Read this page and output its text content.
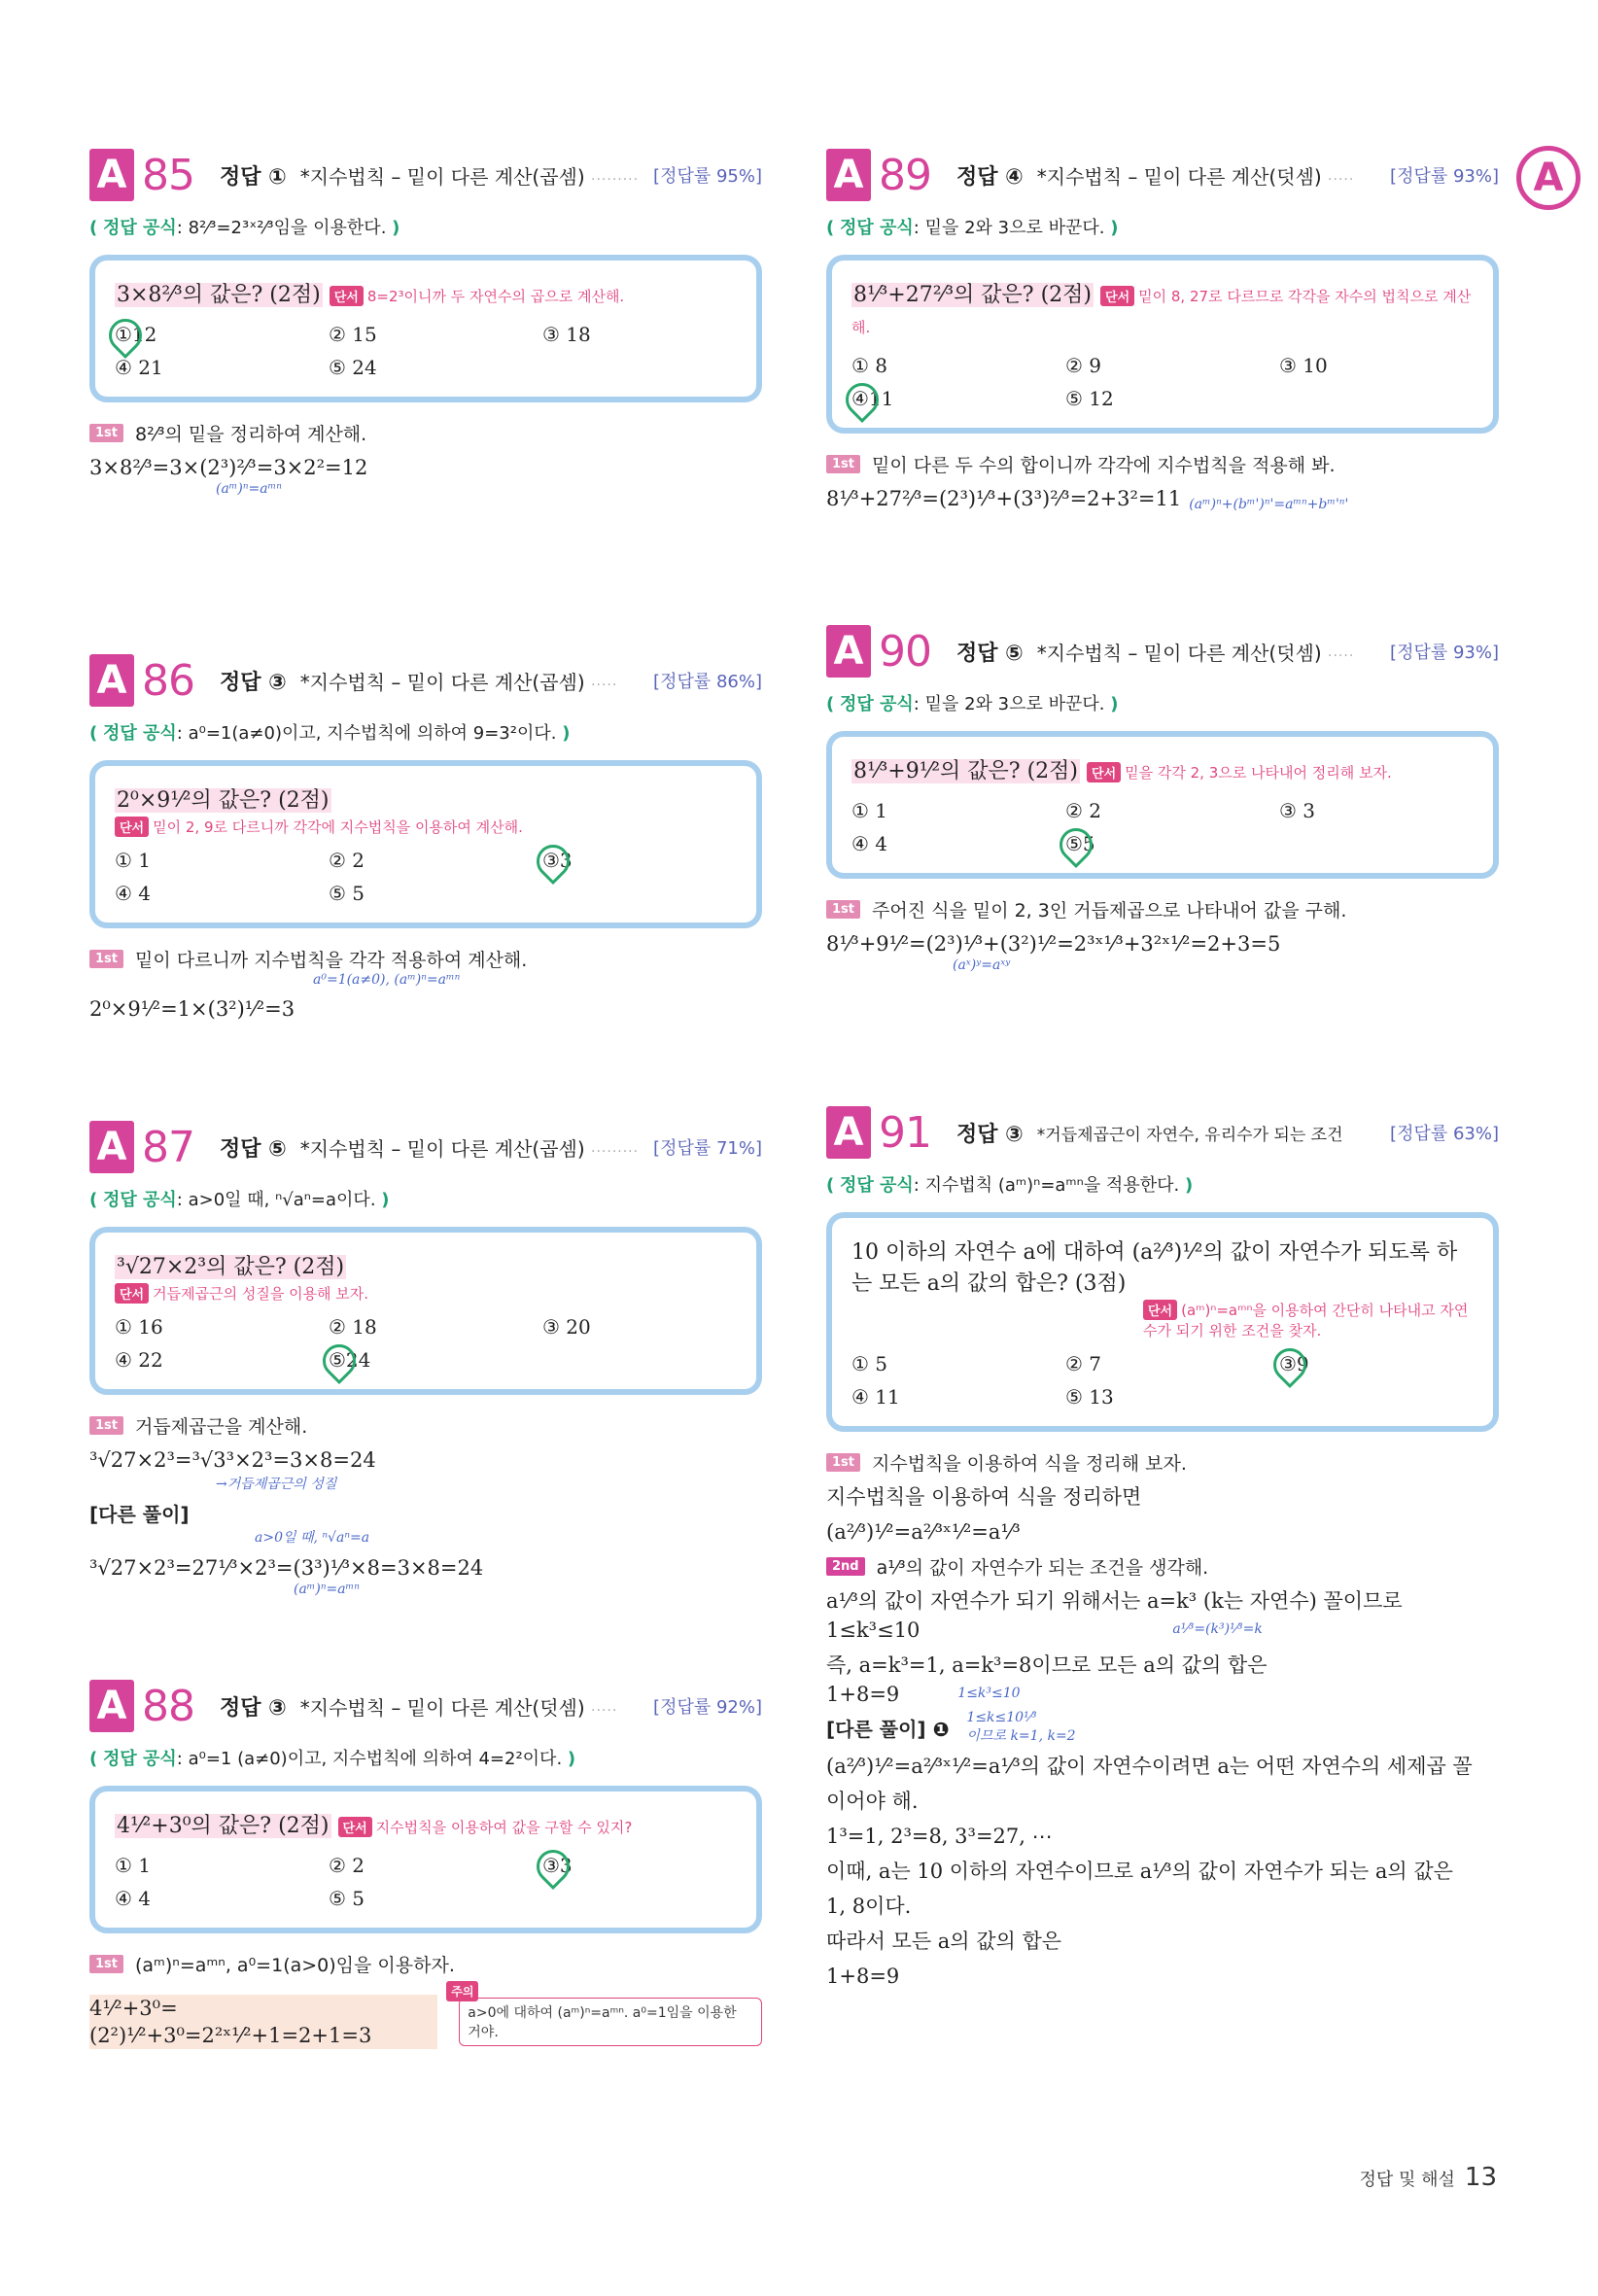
A
A 85 정답 ① *지수법칙 – 밑이 다른 계산(곱셈) ········· [정답률 95%]
( 정답 공식: 8²⁄³=2³ˣ²⁄³임을 이용한다. )
3×8²⁄³의 값은? (2점) 단서 8=2³이니까 두 자연수의 곱으로 계산해.
①12	② 15	③ 18
④ 21	⑤ 24
1st 8²⁄³의 밑을 정리하여 계산해.
3×8²⁄³=3×(2³)²⁄³=3×2²=12
(aᵐ)ⁿ=aᵐⁿ
A 86 정답 ③ *지수법칙 – 밑이 다른 계산(곱셈) ·····	[정답률 86%]
( 정답 공식: a⁰=1(a≠0)이고, 지수법칙에 의하여 9=3²이다. )
2⁰×9¹⁄²의 값은? (2점)
단서 밑이 2, 9로 다르니까 각각에 지수법칙을 이용하여 계산해.
① 1	② 2	③3
④ 4	⑤ 5
1st 밑이 다르니까 지수법칙을 각각 적용하여 계산해.
a⁰=1(a≠0), (aᵐ)ⁿ=aᵐⁿ
2⁰×9¹⁄²=1×(3²)¹⁄²=3
A 87 정답 ⑤ *지수법칙 – 밑이 다른 계산(곱셈) ········· [정답률 71%]
( 정답 공식: a>0일 때, ⁿ√aⁿ=a이다. )
³√27×2³의 값은? (2점)
단서 거듭제곱근의 성질을 이용해 보자.
① 16	② 18	③ 20
④ 22	⑤24
1st 거듭제곱근을 계산해.
³√27×2³=³√3³×2³=3×8=24
→거듭제곱근의 성질
[다른 풀이]
a>0일 때, ⁿ√aⁿ=a
³√27×2³=27¹⁄³×2³=(3³)¹⁄³×8=3×8=24
(aᵐ)ⁿ=aᵐⁿ
A 88 정답 ③ *지수법칙 – 밑이 다른 계산(덧셈) ·····	[정답률 92%]
( 정답 공식: a⁰=1 (a≠0)이고, 지수법칙에 의하여 4=2²이다. )
4¹⁄²+3⁰의 값은? (2점) 단서 지수법칙을 이용하여 값을 구할 수 있지?
① 1	② 2	③3
④ 4	⑤ 5
1st (aᵐ)ⁿ=aᵐⁿ, a⁰=1(a>0)임을 이용하자.
4¹⁄²+3⁰=(2²)¹⁄²+3⁰=2²ˣ¹⁄²+1=2+1=3
주의
a>0에 대하여 (aᵐ)ⁿ=aᵐⁿ. a⁰=1임을 이용한 거야.
A 89 정답 ④ *지수법칙 – 밑이 다른 계산(덧셈) ·····	[정답률 93%]
( 정답 공식: 밑을 2와 3으로 바꾼다. )
8¹⁄³+27²⁄³의 값은? (2점) 단서 밑이 8, 27로 다르므로 각각을 자수의 법칙으로 계산해.
① 8	② 9	③ 10
④11	⑤ 12
1st 밑이 다른 두 수의 합이니까 각각에 지수법칙을 적용해 봐.
8¹⁄³+27²⁄³=(2³)¹⁄³+(3³)²⁄³=2+3²=11 (aᵐ)ⁿ+(bᵐ')ⁿ'=aᵐⁿ+bᵐ'ⁿ'
A 90 정답 ⑤ *지수법칙 – 밑이 다른 계산(덧셈) ·····	[정답률 93%]
( 정답 공식: 밑을 2와 3으로 바꾼다. )
8¹⁄³+9¹⁄²의 값은? (2점) 단서 밑을 각각 2, 3으로 나타내어 정리해 보자.
① 1	② 2	③ 3
④ 4	⑤5
1st 주어진 식을 밑이 2, 3인 거듭제곱으로 나타내어 값을 구해.
8¹⁄³+9¹⁄²=(2³)¹⁄³+(3²)¹⁄²=2³ˣ¹⁄³+3²ˣ¹⁄²=2+3=5
(aˣ)ʸ=aˣʸ
A 91 정답 ③ *거듭제곱근이 자연수, 유리수가 되는 조건	[정답률 63%]
( 정답 공식: 지수법칙 (aᵐ)ⁿ=aᵐⁿ을 적용한다. )
10 이하의 자연수 a에 대하여 (a²⁄³)¹⁄²의 값이 자연수가 되도록 하는 모든 a의 값의 합은? (3점)
단서 (aᵐ)ⁿ=aᵐⁿ을 이용하여 간단히 나타내고 자연수가 되기 위한 조건을 찾자.
① 5	② 7	③9
④ 11	⑤ 13
1st 지수법칙을 이용하여 식을 정리해 보자.
지수법칙을 이용하여 식을 정리하면
(a²⁄³)¹⁄²=a²⁄³ˣ¹⁄²=a¹⁄³
2nd a¹⁄³의 값이 자연수가 되는 조건을 생각해.
a¹⁄³의 값이 자연수가 되기 위해서는 a=k³ (k는 자연수) 꼴이므로
1≤k³≤10	a¹⁄³=(k³)¹⁄³=k
즉, a=k³=1, a=k³=8이므로 모든 a의 값의 합은
1+8=9	1≤k³≤10
[다른 풀이] ❶ 1≤k≤10¹⁄³
이므로 k=1, k=2
(a²⁄³)¹⁄²=a²⁄³ˣ¹⁄²=a¹⁄³의 값이 자연수이려면 a는 어떤 자연수의 세제곱 꼴
이어야 해.
1³=1, 2³=8, 3³=27, ⋯
이때, a는 10 이하의 자연수이므로 a¹⁄³의 값이 자연수가 되는 a의 값은
1, 8이다.
따라서 모든 a의 값의 합은
1+8=9
정답 및 해설 13
